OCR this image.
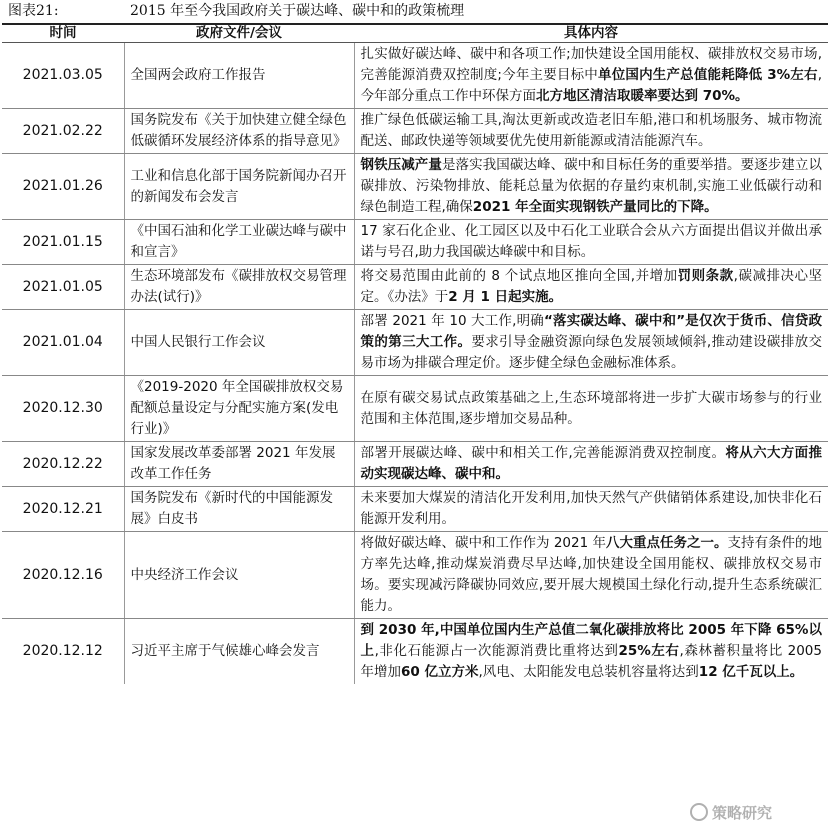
图表21:	2015 年至今我国政府关于碳达峰、碳中和的政策梳理
时间	政府文件/会议	具体内容
2021.03.05	全国两会政府工作报告	扎实做好碳达峰、碳中和各项工作;加快建设全国用能权、碳排放权交易市场,完善能源消费双控制度;今年主要目标中单位国内生产总值能耗降低 3%左右,今年部分重点工作中环保方面北方地区清洁取暖率要达到 70%。
2021.02.22	国务院发布《关于加快建立健全绿色低碳循环发展经济体系的指导意见》	推广绿色低碳运输工具,淘汰更新或改造老旧车船,港口和机场服务、城市物流配送、邮政快递等领域要优先使用新能源或清洁能源汽车。
2021.01.26	工业和信息化部于国务院新闻办召开的新闻发布会发言	钢铁压减产量是落实我国碳达峰、碳中和目标任务的重要举措。要逐步建立以碳排放、污染物排放、能耗总量为依据的存量约束机制,实施工业低碳行动和绿色制造工程,确保2021 年全面实现钢铁产量同比的下降。
2021.01.15	《中国石油和化学工业碳达峰与碳中和宣言》	17 家石化企业、化工园区以及中石化工业联合会从六方面提出倡议并做出承诺与号召,助力我国碳达峰碳中和目标。
2021.01.05	生态环境部发布《碳排放权交易管理办法(试行)》	将交易范围由此前的 8 个试点地区推向全国,并增加罚则条款,碳减排决心坚定。《办法》于2 月 1 日起实施。
2021.01.04	中国人民银行工作会议	部署 2021 年 10 大工作,明确“落实碳达峰、碳中和”是仅次于货币、信贷政策的第三大工作。要求引导金融资源向绿色发展领域倾斜,推动建设碳排放交易市场为排碳合理定价。逐步健全绿色金融标准体系。
2020.12.30	《2019-2020 年全国碳排放权交易配额总量设定与分配实施方案(发电行业)》	在原有碳交易试点政策基础之上,生态环境部将进一步扩大碳市场参与的行业范围和主体范围,逐步增加交易品种。
2020.12.22	国家发展改革委部署 2021 年发展改革工作任务	部署开展碳达峰、碳中和相关工作,完善能源消费双控制度。将从六大方面推动实现碳达峰、碳中和。
2020.12.21	国务院发布《新时代的中国能源发展》白皮书	未来要加大煤炭的清洁化开发利用,加快天然气产供储销体系建设,加快非化石能源开发利用。
2020.12.16	中央经济工作会议	将做好碳达峰、碳中和工作作为 2021 年八大重点任务之一。支持有条件的地方率先达峰,推动煤炭消费尽早达峰,加快建设全国用能权、碳排放权交易市场。要实现减污降碳协同效应,要开展大规模国土绿化行动,提升生态系统碳汇能力。
2020.12.12	习近平主席于气候雄心峰会发言	到 2030 年,中国单位国内生产总值二氧化碳排放将比 2005 年下降 65%以上,非化石能源占一次能源消费比重将达到25%左右,森林蓄积量将比 2005 年增加60 亿立方米,风电、太阳能发电总装机容量将达到12 亿千瓦以上。
策略研究
